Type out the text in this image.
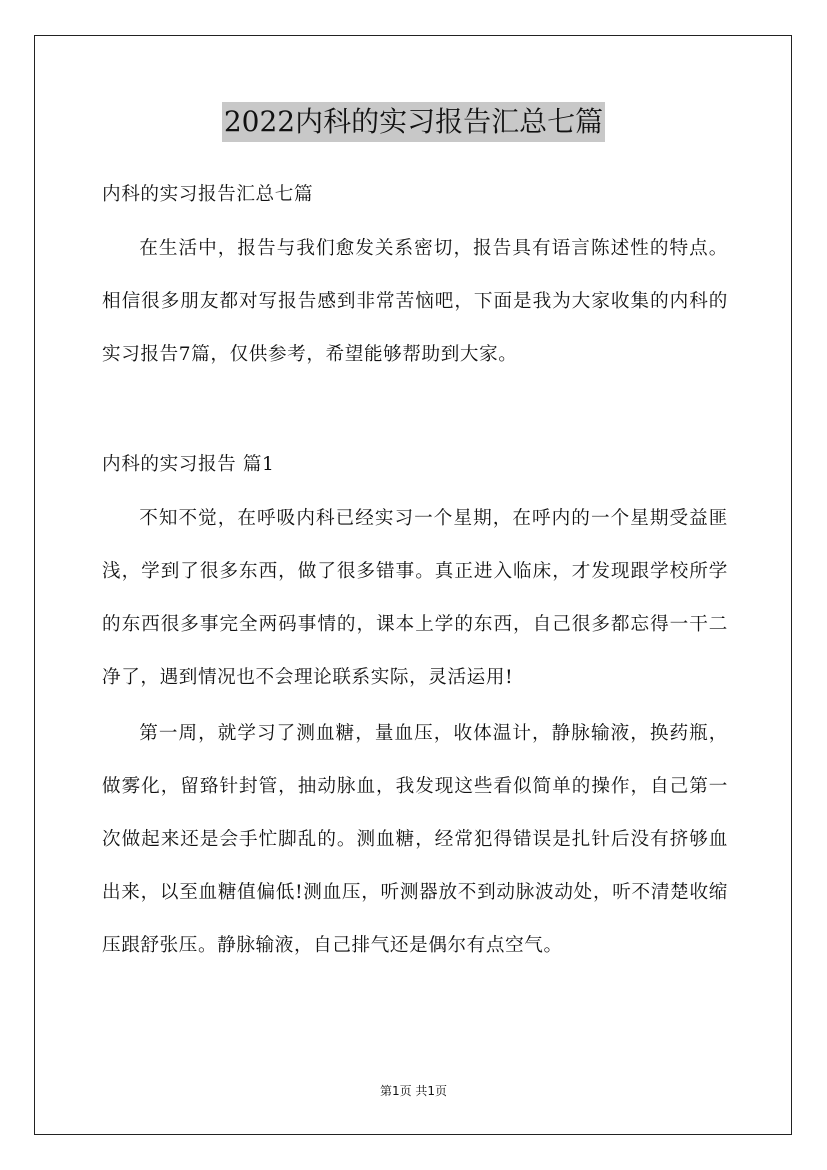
2022内科的实习报告汇总七篇

内科的实习报告汇总七篇

在生活中，报告与我们愈发关系密切，报告具有语言陈述性的特点。相信很多朋友都对写报告感到非常苦恼吧，下面是我为大家收集的内科的实习报告7篇，仅供参考，希望能够帮助到大家。

内科的实习报告 篇1

不知不觉，在呼吸内科已经实习一个星期，在呼内的一个星期受益匪浅，学到了很多东西，做了很多错事。真正进入临床，才发现跟学校所学的东西很多事完全两码事情的，课本上学的东西，自己很多都忘得一干二净了，遇到情况也不会理论联系实际，灵活运用!

第一周，就学习了测血糖，量血压，收体温计，静脉输液，换药瓶，做雾化，留臵针封管，抽动脉血，我发现这些看似简单的操作，自己第一次做起来还是会手忙脚乱的。测血糖，经常犯得错误是扎针后没有挤够血出来，以至血糖值偏低!测血压，听测器放不到动脉波动处，听不清楚收缩压跟舒张压。静脉输液，自己排气还是偶尔有点空气。

第1页 共1页
